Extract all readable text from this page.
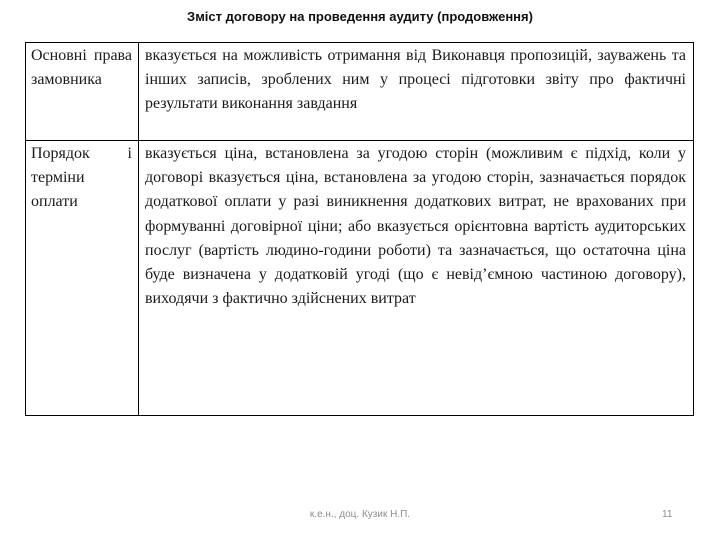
Зміст договору на проведення аудиту (продовження)
Основні права замовника	вказується на можливість отримання від Виконавця пропозицій, зауважень та інших записів, зроблених ним у процесі підготовки звіту про фактичні результати виконання завдання
Порядок і терміни оплати	вказується ціна, встановлена за угодою сторін (можливим є підхід, коли у договорі вказується ціна, встановлена за угодою сторін, зазначається порядок додаткової оплати у разі виникнення додаткових витрат, не врахованих при формуванні договірної ціни; або вказується орієнтовна вартість аудиторських послуг (вартість людино-години роботи) та зазначається, що остаточна ціна буде визначена у додатковій угоді (що є невід’ємною частиною договору), виходячи з фактично здійснених витрат
к.е.н., доц. Кузик Н.П.	11
